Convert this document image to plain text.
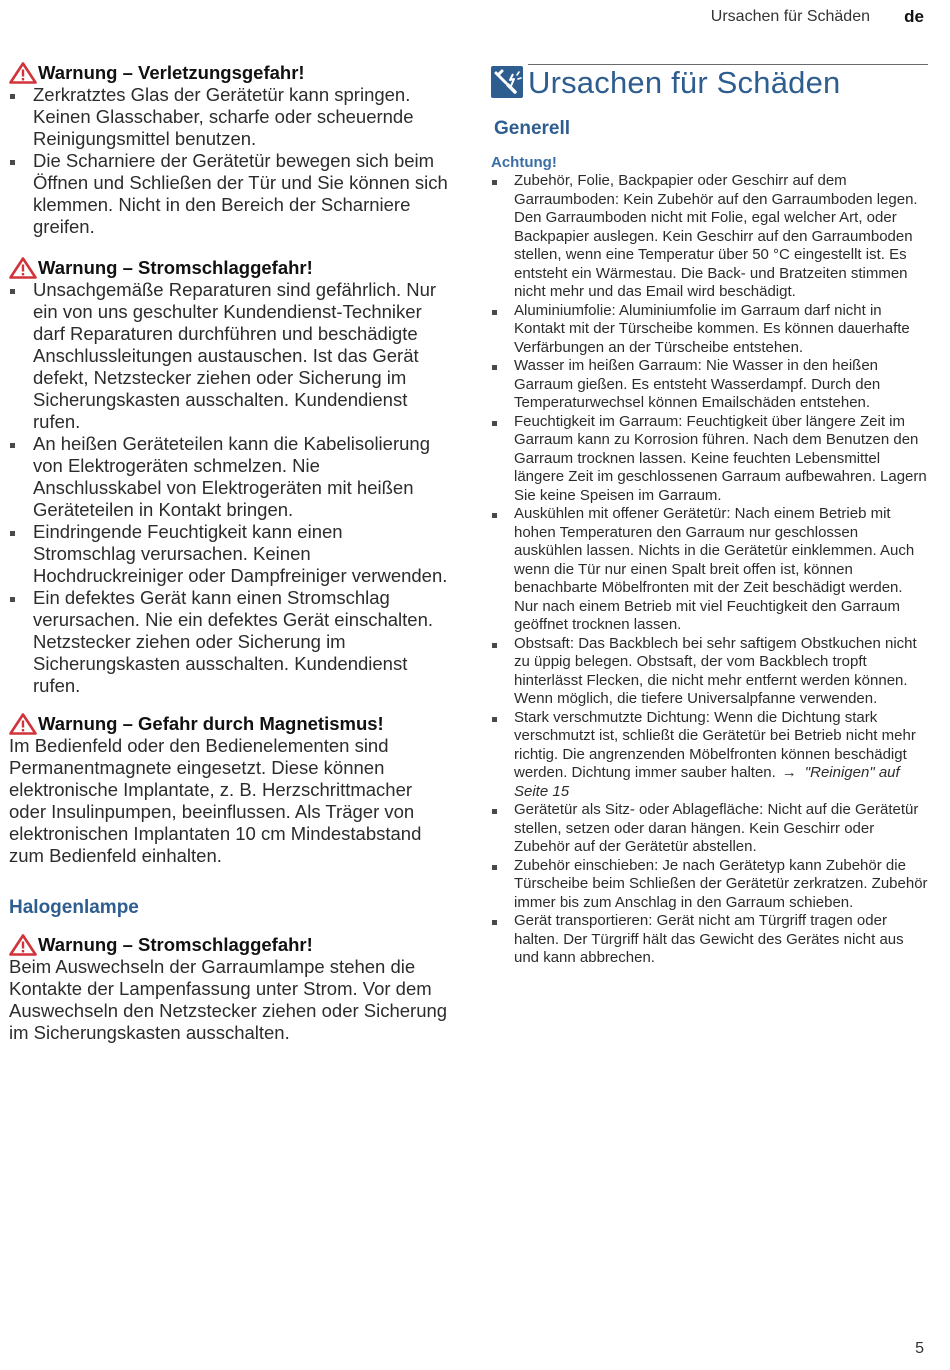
Ursachen für Schäden de

Warnung – Verletzungsgefahr!

Zerkratztes Glas der Gerätetür kann springen. Keinen Glasschaber, scharfe oder scheuernde Reinigungsmittel benutzen.
Die Scharniere der Gerätetür bewegen sich beim Öffnen und Schließen der Tür und Sie können sich klemmen. Nicht in den Bereich der Scharniere greifen.

Warnung – Stromschlaggefahr!

Unsachgemäße Reparaturen sind gefährlich. Nur ein von uns geschulter Kundendienst-Techniker darf Reparaturen durchführen und beschädigte Anschlussleitungen austauschen. Ist das Gerät defekt, Netzstecker ziehen oder Sicherung im Sicherungskasten ausschalten. Kundendienst rufen.
An heißen Geräteteilen kann die Kabelisolierung von Elektrogeräten schmelzen. Nie Anschlusskabel von Elektrogeräten mit heißen Geräteteilen in Kontakt bringen.
Eindringende Feuchtigkeit kann einen Stromschlag verursachen. Keinen Hochdruckreiniger oder Dampfreiniger verwenden.
Ein defektes Gerät kann einen Stromschlag verursachen. Nie ein defektes Gerät einschalten. Netzstecker ziehen oder Sicherung im Sicherungskasten ausschalten. Kundendienst rufen.

Warnung – Gefahr durch Magnetismus!

Im Bedienfeld oder den Bedienelementen sind Permanentmagnete eingesetzt. Diese können elektronische Implantate, z. B. Herzschrittmacher oder Insulinpumpen, beeinflussen. Als Träger von elektronischen Implantaten 10 cm Mindestabstand zum Bedienfeld einhalten.

Halogenlampe

Warnung – Stromschlaggefahr!

Beim Auswechseln der Garraumlampe stehen die Kontakte der Lampenfassung unter Strom. Vor dem Auswechseln den Netzstecker ziehen oder Sicherung im Sicherungskasten ausschalten.

Ursachen für Schäden
Generell

Achtung!

Zubehör, Folie, Backpapier oder Geschirr auf dem Garraumboden: Kein Zubehör auf den Garraumboden legen. Den Garraumboden nicht mit Folie, egal welcher Art, oder Backpapier auslegen. Kein Geschirr auf den Garraumboden stellen, wenn eine Temperatur über 50 °C eingestellt ist. Es entsteht ein Wärmestau. Die Back- und Bratzeiten stimmen nicht mehr und das Email wird beschädigt.
Aluminiumfolie: Aluminiumfolie im Garraum darf nicht in Kontakt mit der Türscheibe kommen. Es können dauerhafte Verfärbungen an der Türscheibe entstehen.
Wasser im heißen Garraum: Nie Wasser in den heißen Garraum gießen. Es entsteht Wasserdampf. Durch den Temperaturwechsel können Emailschäden entstehen.
Feuchtigkeit im Garraum: Feuchtigkeit über längere Zeit im Garraum kann zu Korrosion führen. Nach dem Benutzen den Garraum trocknen lassen. Keine feuchten Lebensmittel längere Zeit im geschlossenen Garraum aufbewahren. Lagern Sie keine Speisen im Garraum.
Auskühlen mit offener Gerätetür: Nach einem Betrieb mit hohen Temperaturen den Garraum nur geschlossen auskühlen lassen. Nichts in die Gerätetür einklemmen. Auch wenn die Tür nur einen Spalt breit offen ist, können benachbarte Möbelfronten mit der Zeit beschädigt werden. Nur nach einem Betrieb mit viel Feuchtigkeit den Garraum geöffnet trocknen lassen.
Obstsaft: Das Backblech bei sehr saftigem Obstkuchen nicht zu üppig belegen. Obstsaft, der vom Backblech tropft hinterlässt Flecken, die nicht mehr entfernt werden können. Wenn möglich, die tiefere Universalpfanne verwenden.
Stark verschmutzte Dichtung: Wenn die Dichtung stark verschmutzt ist, schließt die Gerätetür bei Betrieb nicht mehr richtig. Die angrenzenden Möbelfronten können beschädigt werden. Dichtung immer sauber halten. → "Reinigen" auf Seite 15
Gerätetür als Sitz- oder Ablagefläche: Nicht auf die Gerätetür stellen, setzen oder daran hängen. Kein Geschirr oder Zubehör auf der Gerätetür abstellen.
Zubehör einschieben: Je nach Gerätetyp kann Zubehör die Türscheibe beim Schließen der Gerätetür zerkratzen. Zubehör immer bis zum Anschlag in den Garraum schieben.
Gerät transportieren: Gerät nicht am Türgriff tragen oder halten. Der Türgriff hält das Gewicht des Gerätes nicht aus und kann abbrechen.
5
